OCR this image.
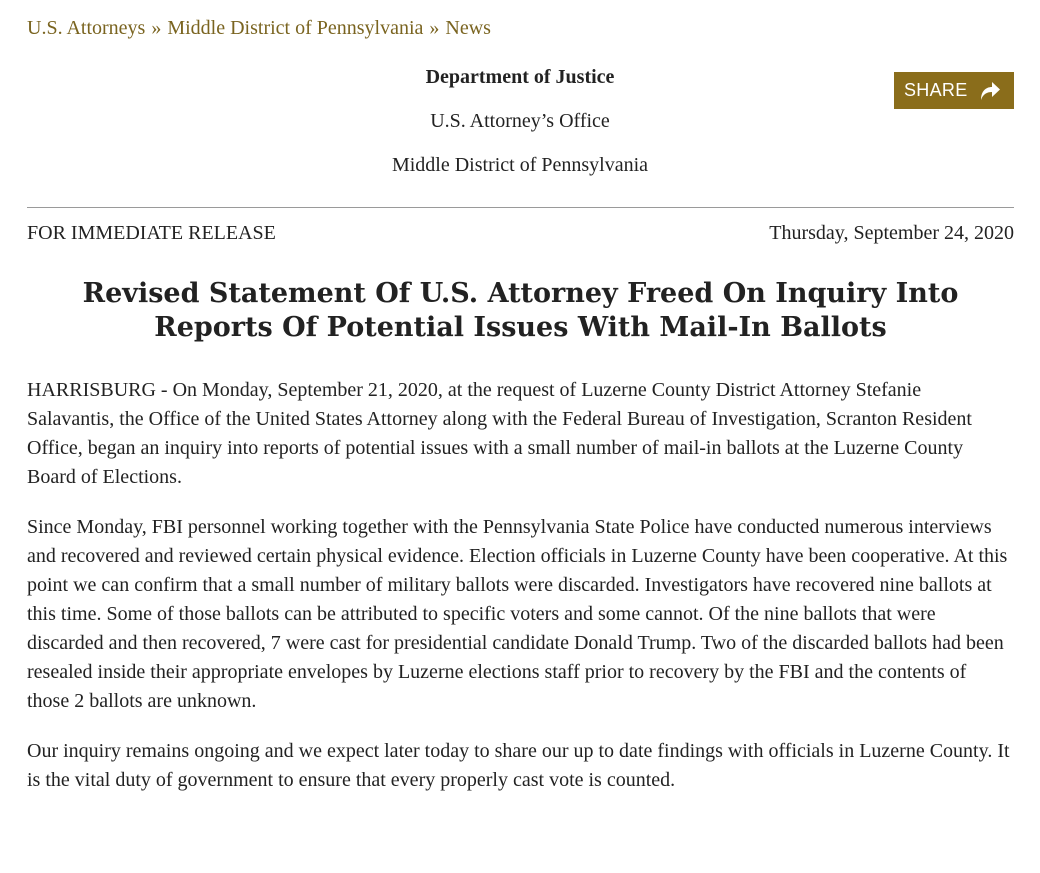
U.S. Attorneys » Middle District of Pennsylvania » News
Department of Justice
U.S. Attorney’s Office
Middle District of Pennsylvania
SHARE
FOR IMMEDIATE RELEASE	Thursday, September 24, 2020
Revised Statement Of U.S. Attorney Freed On Inquiry Into Reports Of Potential Issues With Mail-In Ballots

HARRISBURG - On Monday, September 21, 2020, at the request of Luzerne County District Attorney Stefanie Salavantis, the Office of the United States Attorney along with the Federal Bureau of Investigation, Scranton Resident Office, began an inquiry into reports of potential issues with a small number of mail-in ballots at the Luzerne County Board of Elections.

Since Monday, FBI personnel working together with the Pennsylvania State Police have conducted numerous interviews and recovered and reviewed certain physical evidence. Election officials in Luzerne County have been cooperative. At this point we can confirm that a small number of military ballots were discarded. Investigators have recovered nine ballots at this time. Some of those ballots can be attributed to specific voters and some cannot. Of the nine ballots that were discarded and then recovered, 7 were cast for presidential candidate Donald Trump. Two of the discarded ballots had been resealed inside their appropriate envelopes by Luzerne elections staff prior to recovery by the FBI and the contents of those 2 ballots are unknown.

Our inquiry remains ongoing and we expect later today to share our up to date findings with officials in Luzerne County. It is the vital duty of government to ensure that every properly cast vote is counted.
